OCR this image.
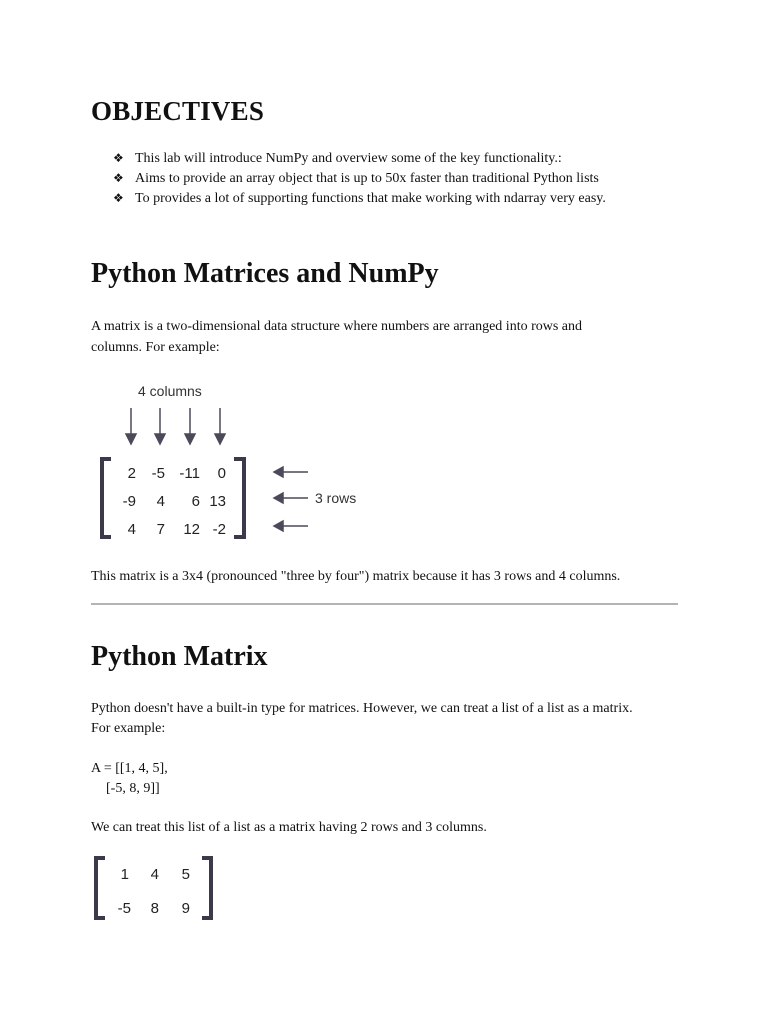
OBJECTIVES
❖ This lab will introduce NumPy and overview some of the key functionality.:
❖ Aims to provide an array object that is up to 50x faster than traditional Python lists
❖ To provides a lot of supporting functions that make working with ndarray very easy.
Python Matrices and NumPy

A matrix is a two-dimensional data structure where numbers are arranged into rows and

columns. For example:

4 columns
2 -5 -11 0
-9 4 6 13
4 7 12 -2
3 rows

This matrix is a 3x4 (pronounced "three by four") matrix because it has 3 rows and 4 columns.

Python Matrix

Python doesn't have a built-in type for matrices. However, we can treat a list of a list as a matrix.

For example:

A = [[1, 4, 5],

[-5, 8, 9]]

We can treat this list of a list as a matrix having 2 rows and 3 columns.

1 4 5
-5 8 9
